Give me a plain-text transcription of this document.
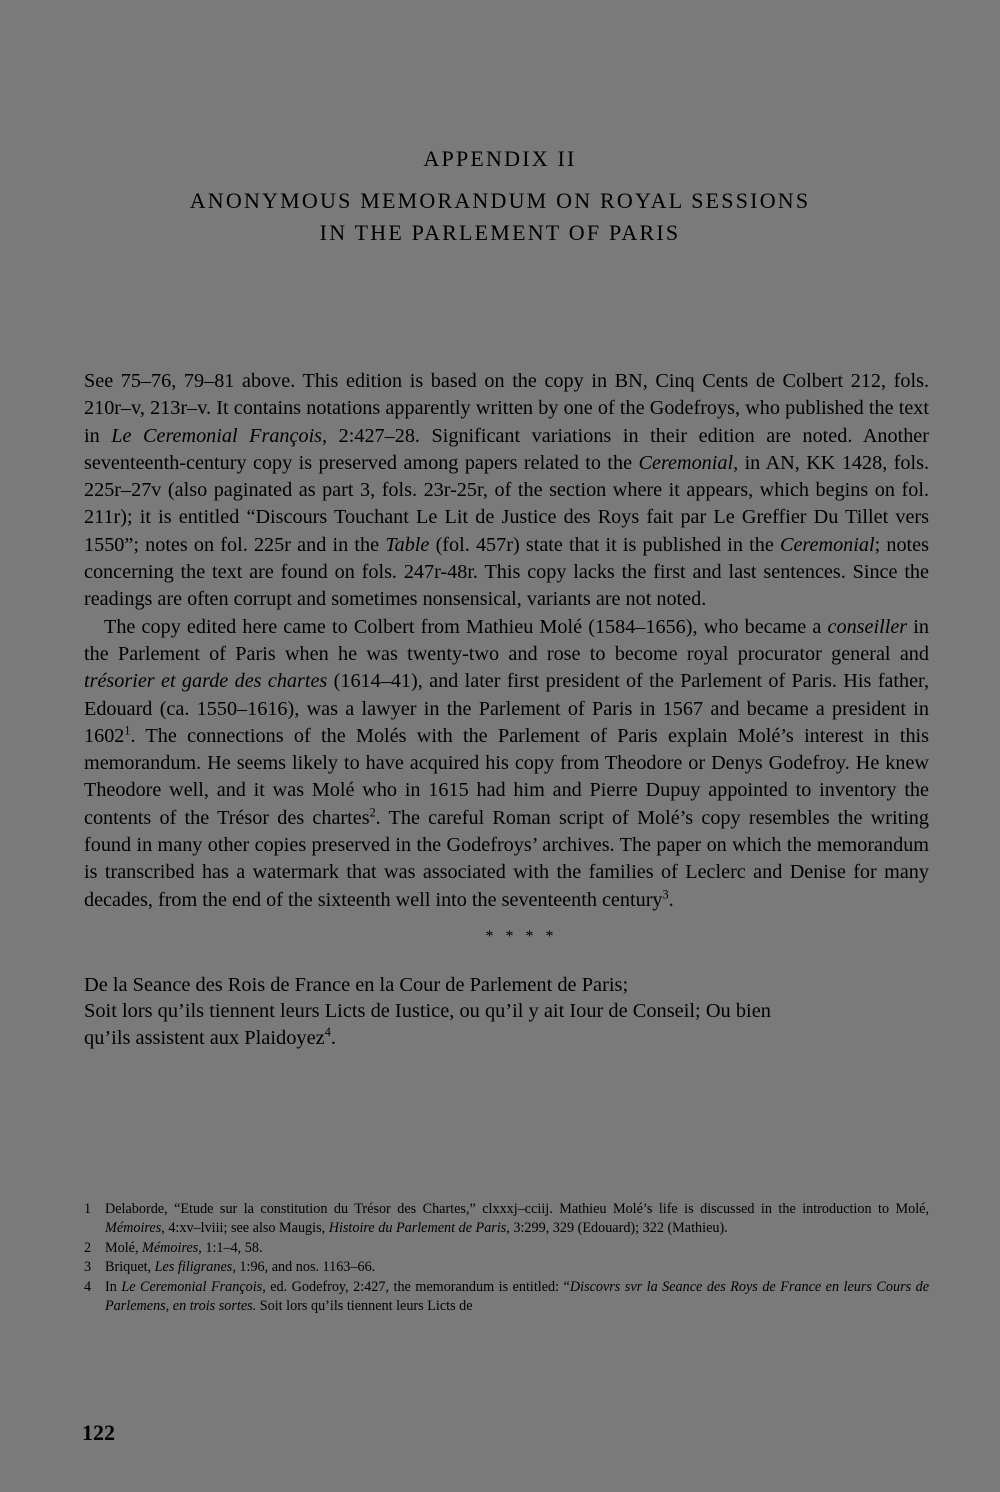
APPENDIX II
ANONYMOUS MEMORANDUM ON ROYAL SESSIONS
IN THE PARLEMENT OF PARIS

See 75–76, 79–81 above. This edition is based on the copy in BN, Cinq Cents de Colbert 212, fols. 210r–v, 213r–v. It contains notations apparently written by one of the Godefroys, who published the text in Le Ceremonial François, 2:427–28. Significant variations in their edition are noted. Another seventeenth-century copy is preserved among papers related to the Ceremonial, in AN, KK 1428, fols. 225r–27v (also paginated as part 3, fols. 23r-25r, of the section where it appears, which begins on fol. 211r); it is entitled “Discours Touchant Le Lit de Justice des Roys fait par Le Greffier Du Tillet vers 1550”; notes on fol. 225r and in the Table (fol. 457r) state that it is published in the Ceremonial; notes concerning the text are found on fols. 247r-48r. This copy lacks the first and last sentences. Since the readings are often corrupt and sometimes nonsensical, variants are not noted.

The copy edited here came to Colbert from Mathieu Molé (1584–1656), who became a conseiller in the Parlement of Paris when he was twenty-two and rose to become royal procurator general and trésorier et garde des chartes (1614–41), and later first president of the Parlement of Paris. His father, Edouard (ca. 1550–1616), was a lawyer in the Parlement of Paris in 1567 and became a president in 1602$^1$. The connections of the Molés with the Parlement of Paris explain Molé’s interest in this memorandum. He seems likely to have acquired his copy from Theodore or Denys Godefroy. He knew Theodore well, and it was Molé who in 1615 had him and Pierre Dupuy appointed to inventory the contents of the Trésor des chartes$^2$. The careful Roman script of Molé’s copy resembles the writing found in many other copies preserved in the Godefroys’ archives. The paper on which the memorandum is transcribed has a watermark that was associated with the families of Leclerc and Denise for many decades, from the end of the sixteenth well into the seventeenth century$^3$.

* * * *
De la Seance des Rois de France en la Cour de Parlement de Paris;
Soit lors qu’ils tiennent leurs Licts de Iustice, ou qu’il y ait Iour de Conseil; Ou bien
qu’ils assistent aux Plaidoyez$^4$.
1 Delaborde, “Etude sur la constitution du Trésor des Chartes,” clxxxj–cciij. Mathieu Molé’s life is discussed in the introduction to Molé, Mémoires, 4:xv–lviii; see also Maugis, Histoire du Parlement de Paris, 3:299, 329 (Edouard); 322 (Mathieu).
2 Molé, Mémoires, 1:1–4, 58.
3 Briquet, Les filigranes, 1:96, and nos. 1163–66.
4 In Le Ceremonial François, ed. Godefroy, 2:427, the memorandum is entitled: “Discovrs svr la Seance des Roys de France en leurs Cours de Parlemens, en trois sortes. Soit lors qu’ils tiennent leurs Licts de
122
